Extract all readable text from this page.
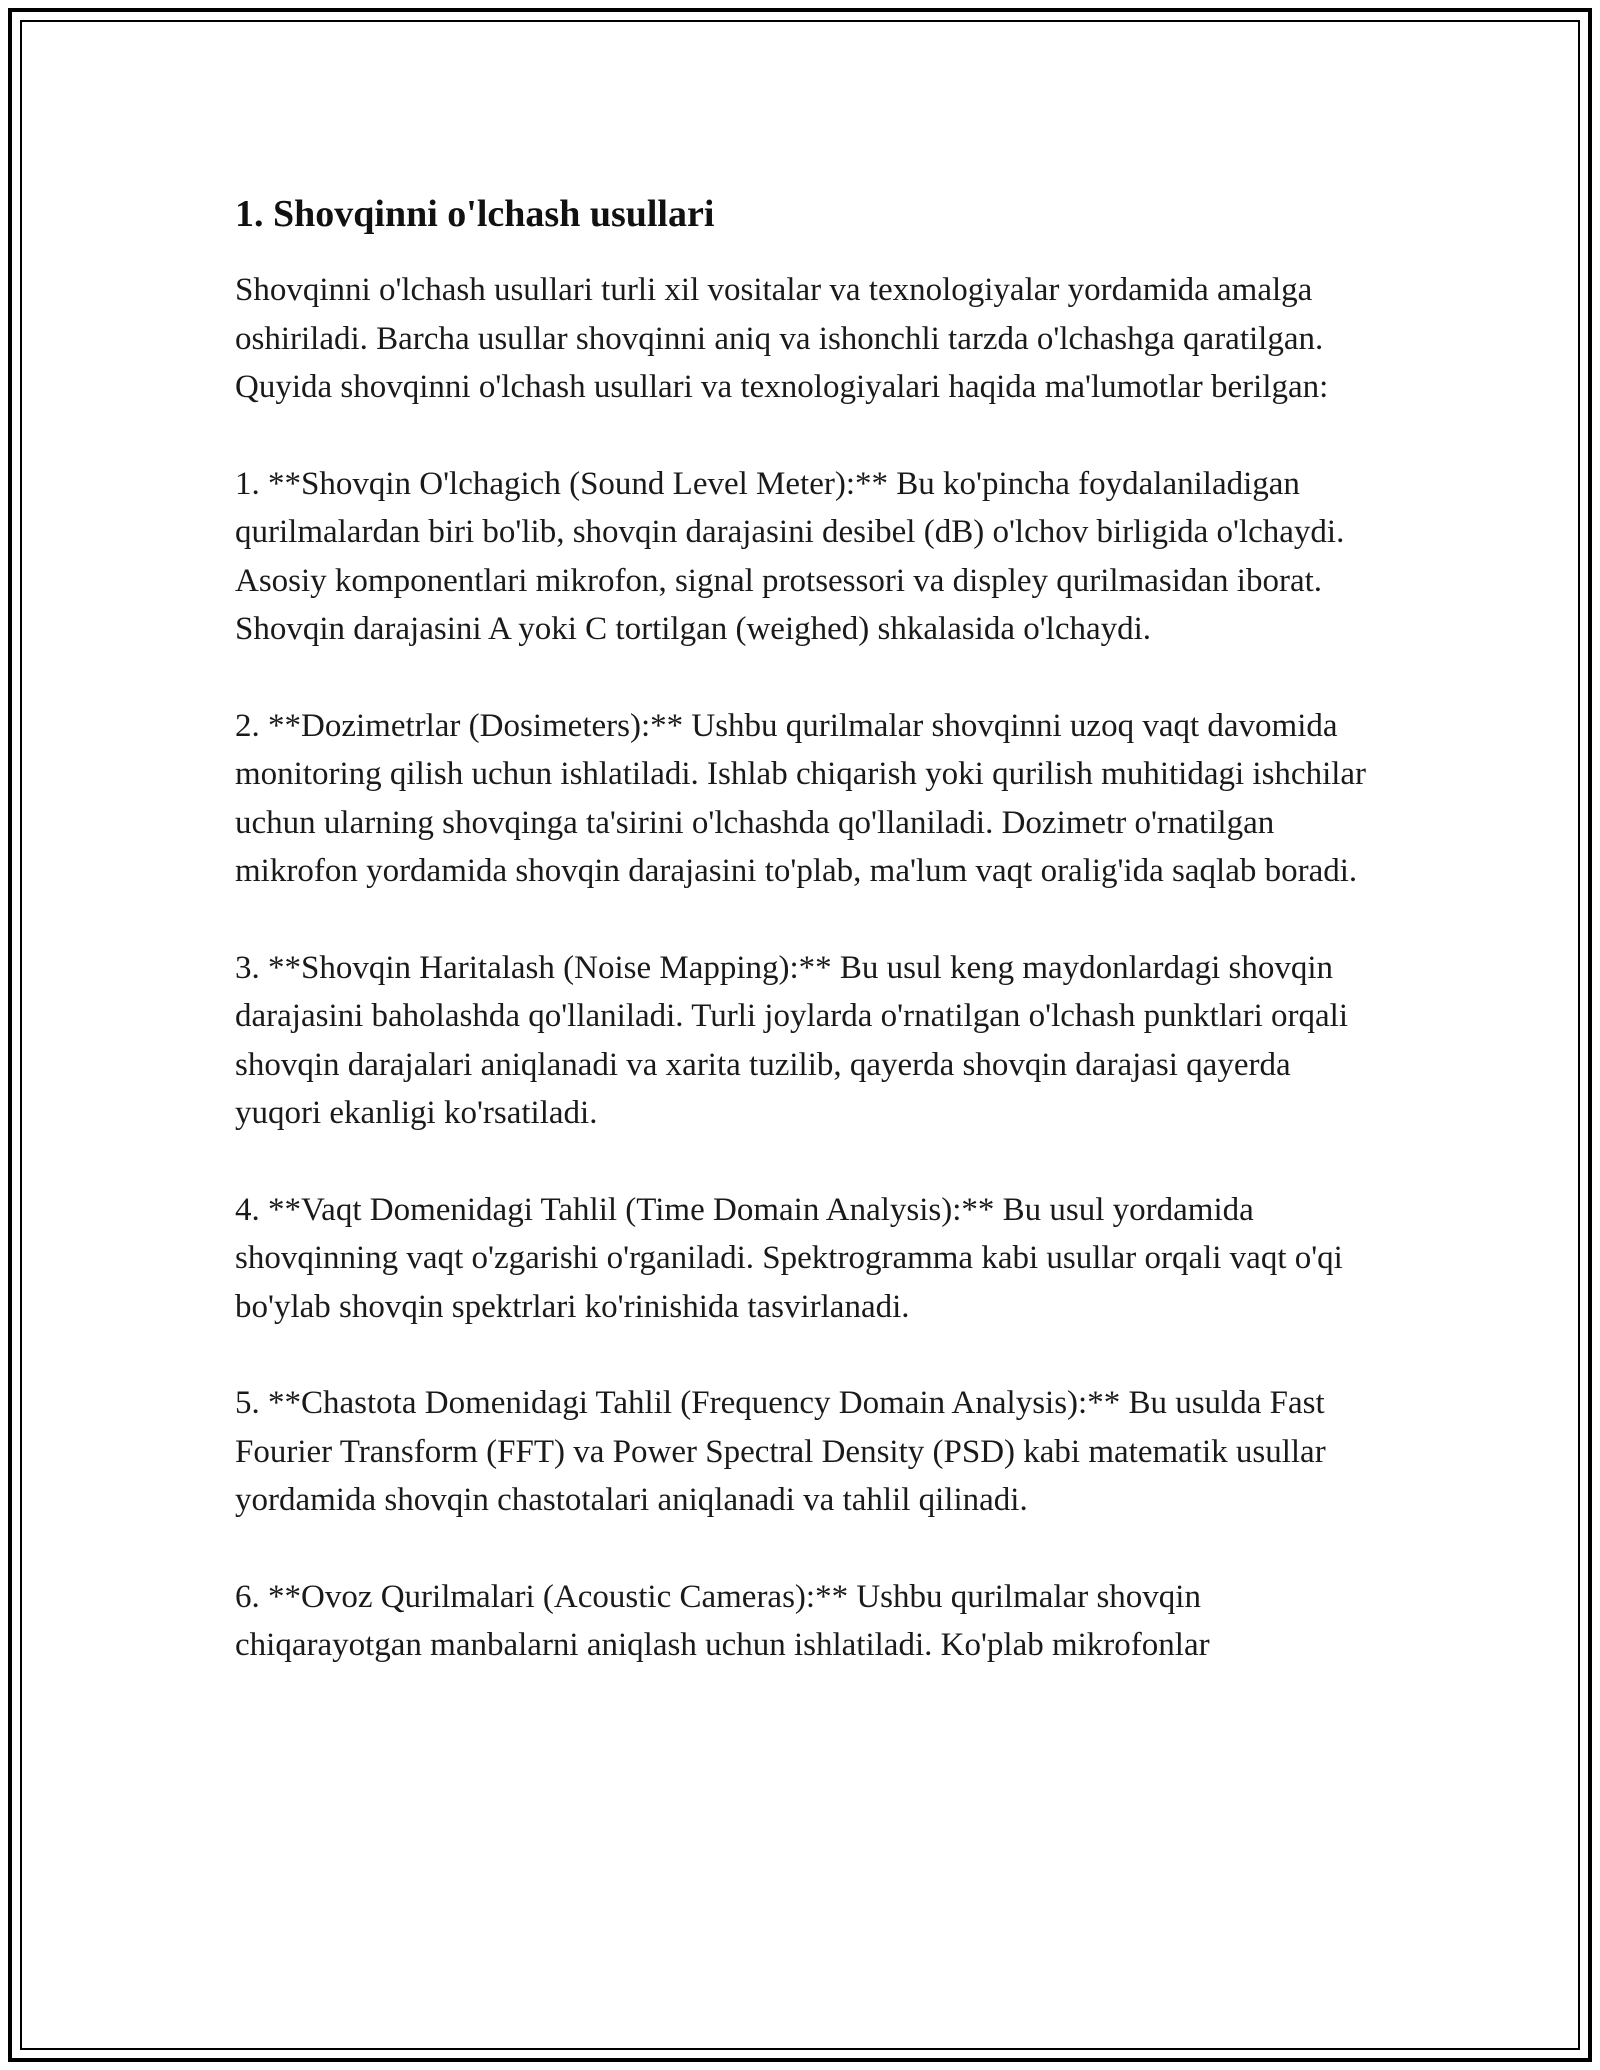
1. Shovqinni o'lchash usullari

Shovqinni o'lchash usullari turli xil vositalar va texnologiyalar yordamida amalga oshiriladi. Barcha usullar shovqinni aniq va ishonchli tarzda o'lchashga qaratilgan. Quyida shovqinni o'lchash usullari va texnologiyalari haqida ma'lumotlar berilgan:

1. **Shovqin O'lchagich (Sound Level Meter):** Bu ko'pincha foydalaniladigan qurilmalardan biri bo'lib, shovqin darajasini desibel (dB) o'lchov birligida o'lchaydi. Asosiy komponentlari mikrofon, signal protsessori va displey qurilmasidan iborat. Shovqin darajasini A yoki C tortilgan (weighed) shkalasida o'lchaydi.

2. **Dozimetrlar (Dosimeters):** Ushbu qurilmalar shovqinni uzoq vaqt davomida monitoring qilish uchun ishlatiladi. Ishlab chiqarish yoki qurilish muhitidagi ishchilar uchun ularning shovqinga ta'sirini o'lchashda qo'llaniladi. Dozimetr o'rnatilgan mikrofon yordamida shovqin darajasini to'plab, ma'lum vaqt oralig'ida saqlab boradi.

3. **Shovqin Haritalash (Noise Mapping):** Bu usul keng maydonlardagi shovqin darajasini baholashda qo'llaniladi. Turli joylarda o'rnatilgan o'lchash punktlari orqali shovqin darajalari aniqlanadi va xarita tuzilib, qayerda shovqin darajasi qayerda yuqori ekanligi ko'rsatiladi.

4. **Vaqt Domenidagi Tahlil (Time Domain Analysis):** Bu usul yordamida shovqinning vaqt o'zgarishi o'rganiladi. Spektrogramma kabi usullar orqali vaqt o'qi bo'ylab shovqin spektrlari ko'rinishida tasvirlanadi.

5. **Chastota Domenidagi Tahlil (Frequency Domain Analysis):** Bu usulda Fast Fourier Transform (FFT) va Power Spectral Density (PSD) kabi matematik usullar yordamida shovqin chastotalari aniqlanadi va tahlil qilinadi.

6. **Ovoz Qurilmalari (Acoustic Cameras):** Ushbu qurilmalar shovqin chiqarayotgan manbalarni aniqlash uchun ishlatiladi. Ko'plab mikrofonlar
